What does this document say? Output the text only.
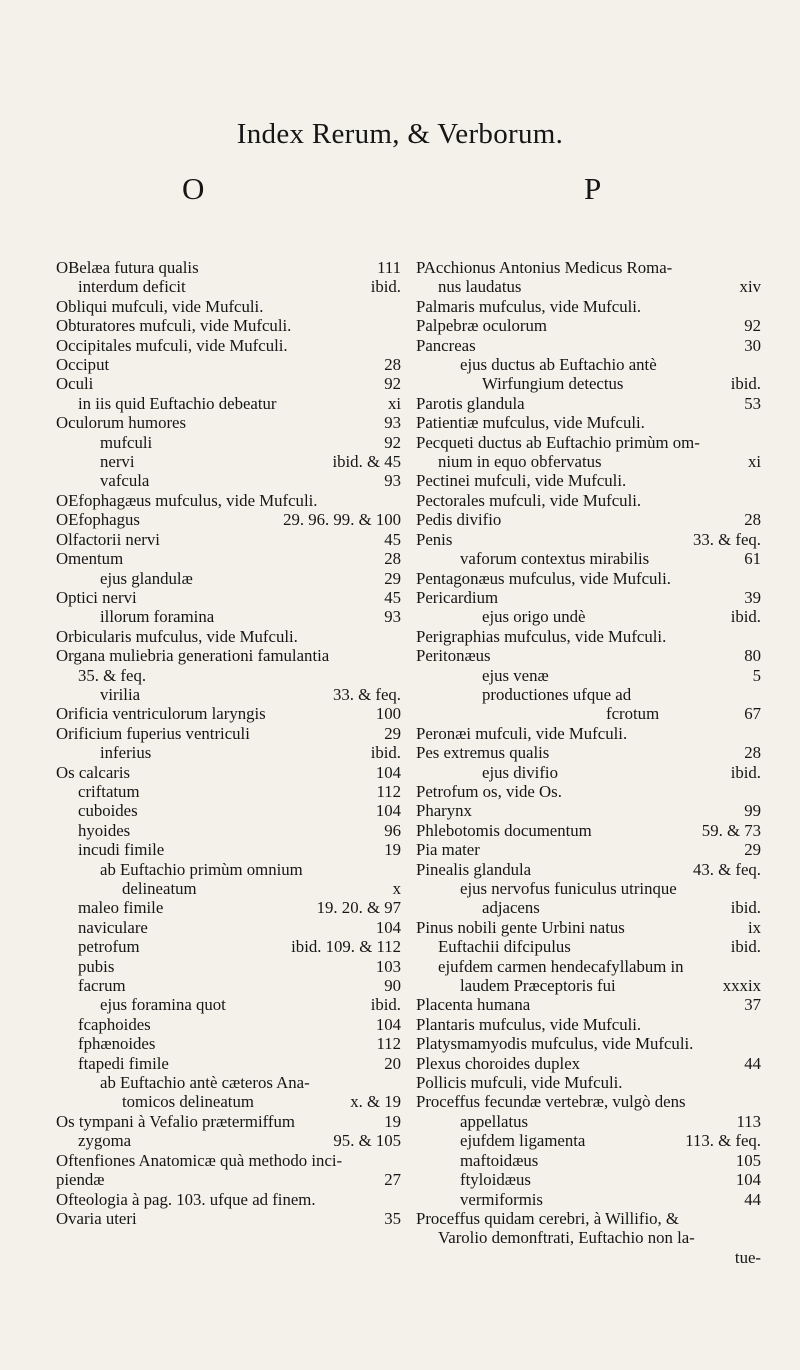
Index Rerum, & Verborum.
O	P
OBelæa futura qualis	111
interdum deficit	ibid.
Obliqui mufculi, vide Mufculi.
Obturatores mufculi, vide Mufculi.
Occipitales mufculi, vide Mufculi.
Occiput	28
Oculi	92
in iis quid Euftachio debeatur	xi
Oculorum humores	93
mufculi	92
nervi	ibid. & 45
vafcula	93
OEfophagæus mufculus, vide Mufculi.
OEfophagus	29. 96. 99. & 100
Olfactorii nervi	45
Omentum	28
ejus glandulæ	29
Optici nervi	45
illorum foramina	93
Orbicularis mufculus, vide Mufculi.
Organa muliebria generationi famulantia
35. & feq.
virilia	33. & feq.
Orificia ventriculorum laryngis	100
Orificium fuperius ventriculi	29
inferius	ibid.
Os calcaris	104
criftatum	112
cuboides	104
hyoides	96
incudi fimile	19
ab Euftachio primùm omnium
delineatum	x
maleo fimile	19. 20. & 97
naviculare	104
petrofum	ibid. 109. & 112
pubis	103
facrum	90
ejus foramina quot	ibid.
fcaphoides	104
fphænoides	112
ftapedi fimile	20
ab Euftachio antè cæteros Ana-
tomicos delineatum	x. & 19
Os tympani à Vefalio prætermiffum	19
zygoma	95. & 105
Oftenfiones Anatomicæ quà methodo inci-
piendæ	27
Ofteologia à pag. 103. ufque ad finem.
Ovaria uteri	35
PAcchionus Antonius Medicus Roma-
nus laudatus	xiv
Palmaris mufculus, vide Mufculi.
Palpebræ oculorum	92
Pancreas	30
ejus ductus ab Euftachio antè
Wirfungium detectus	ibid.
Parotis glandula	53
Patientiæ mufculus, vide Mufculi.
Pecqueti ductus ab Euftachio primùm om-
nium in equo obfervatus	xi
Pectinei mufculi, vide Mufculi.
Pectorales mufculi, vide Mufculi.
Pedis divifio	28
Penis	33. & feq.
vaforum contextus mirabilis	61
Pentagonæus mufculus, vide Mufculi.
Pericardium	39
ejus origo undè	ibid.
Perigraphias mufculus, vide Mufculi.
Peritonæus	80
ejus venæ	5
productiones ufque ad
fcrotum	67
Peronæi mufculi, vide Mufculi.
Pes extremus qualis	28
ejus divifio	ibid.
Petrofum os, vide Os.
Pharynx	99
Phlebotomis documentum	59. & 73
Pia mater	29
Pinealis glandula	43. & feq.
ejus nervofus funiculus utrinque
adjacens	ibid.
Pinus nobili gente Urbini natus	ix
Euftachii difcipulus	ibid.
ejufdem carmen hendecafyllabum in
laudem Præceptoris fui	xxxix
Placenta humana	37
Plantaris mufculus, vide Mufculi.
Platysmamyodis mufculus, vide Mufculi.
Plexus choroides duplex	44
Pollicis mufculi, vide Mufculi.
Proceffus fecundæ vertebræ, vulgò dens
appellatus	113
ejufdem ligamenta	113. & feq.
maftoidæus	105
ftyloidæus	104
vermiformis	44
Proceffus quidam cerebri, à Willifio, &
Varolio demonftrati, Euftachio non la-
tue-
